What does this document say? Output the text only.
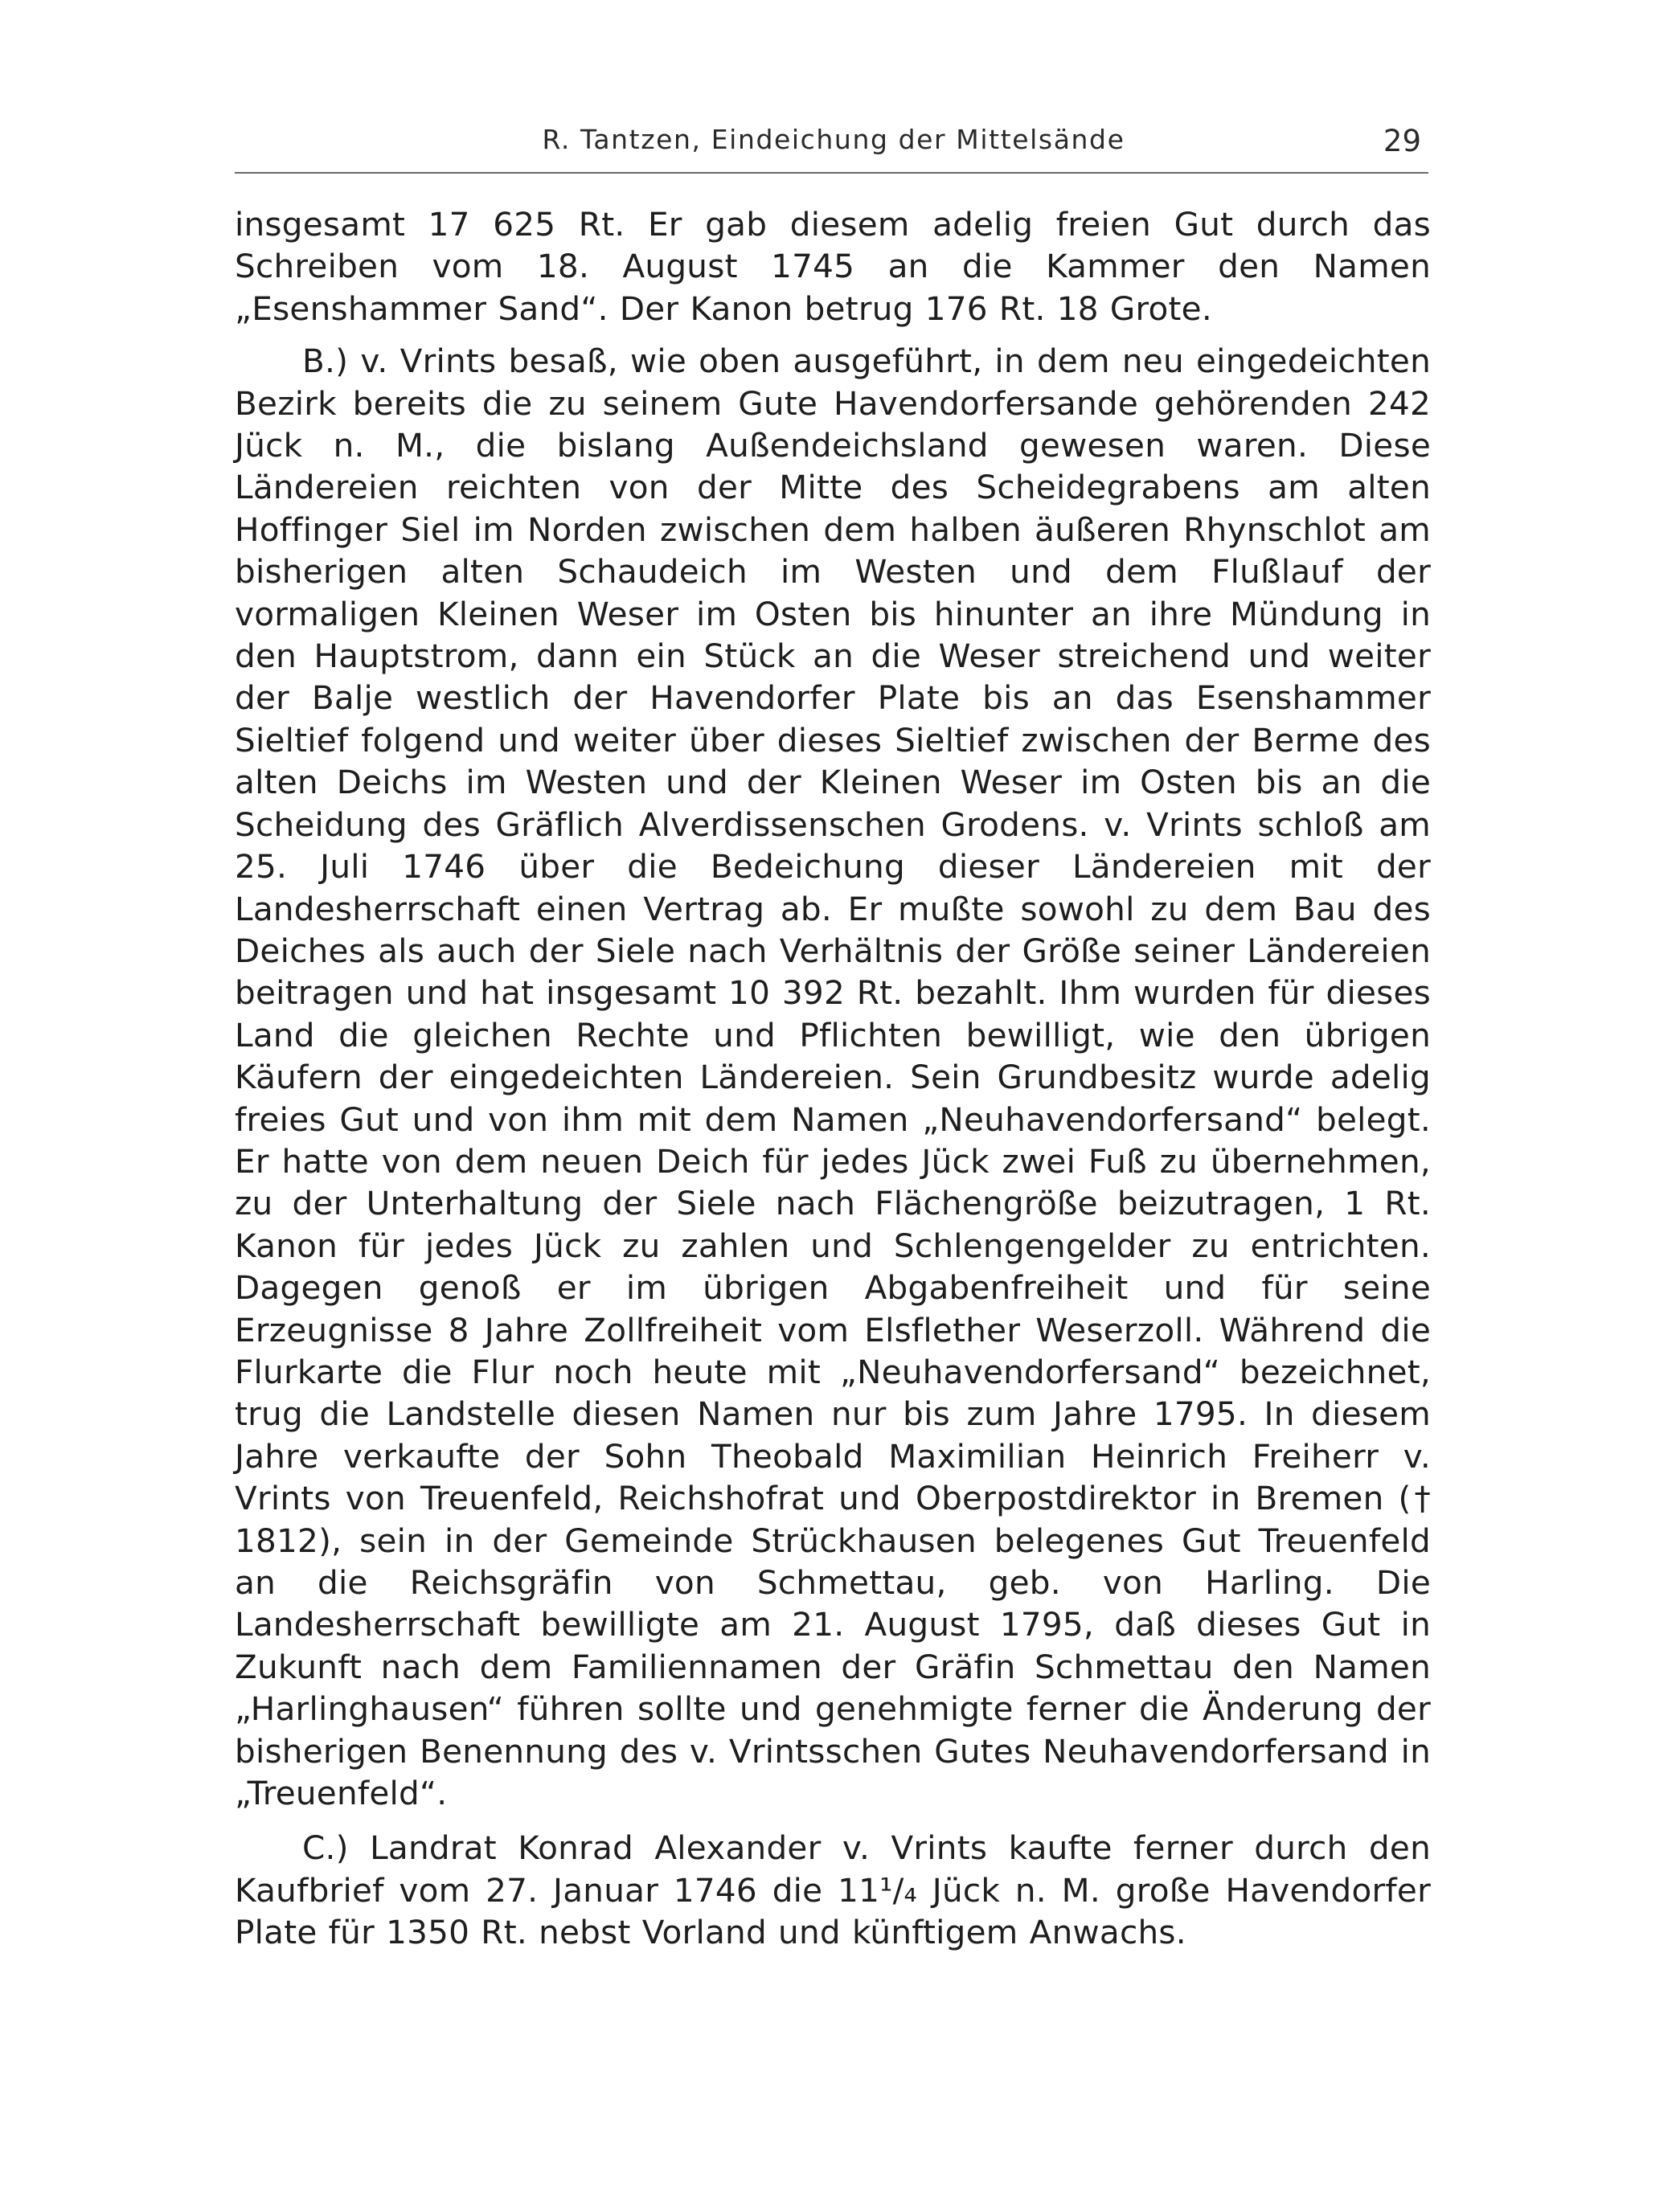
R. Tantzen, Eindeichung der Mittelsände	29

insgesamt 17 625 Rt. Er gab diesem adelig freien Gut durch das Schreiben vom 18. August 1745 an die Kammer den Namen „Esenshammer Sand“. Der Kanon betrug 176 Rt. 18 Grote.

B.) v. Vrints besaß, wie oben ausgeführt, in dem neu eingedeichten Bezirk bereits die zu seinem Gute Havendorfersande gehörenden 242 Jück n. M., die bislang Außendeichsland gewesen waren. Diese Ländereien reichten von der Mitte des Scheidegrabens am alten Hoffinger Siel im Norden zwischen dem halben äußeren Rhynschlot am bisherigen alten Schaudeich im Westen und dem Flußlauf der vormaligen Kleinen Weser im Osten bis hinunter an ihre Mündung in den Hauptstrom, dann ein Stück an die Weser streichend und weiter der Balje westlich der Havendorfer Plate bis an das Esenshammer Sieltief folgend und weiter über dieses Sieltief zwischen der Berme des alten Deichs im Westen und der Kleinen Weser im Osten bis an die Scheidung des Gräflich Alverdissenschen Grodens. v. Vrints schloß am 25. Juli 1746 über die Bedeichung dieser Ländereien mit der Landesherrschaft einen Vertrag ab. Er mußte sowohl zu dem Bau des Deiches als auch der Siele nach Verhältnis der Größe seiner Ländereien beitragen und hat insgesamt 10 392 Rt. bezahlt. Ihm wurden für dieses Land die gleichen Rechte und Pflichten bewilligt, wie den übrigen Käufern der eingedeichten Ländereien. Sein Grundbesitz wurde adelig freies Gut und von ihm mit dem Namen „Neuhavendorfersand“ belegt. Er hatte von dem neuen Deich für jedes Jück zwei Fuß zu übernehmen, zu der Unterhaltung der Siele nach Flächengröße beizutragen, 1 Rt. Kanon für jedes Jück zu zahlen und Schlengengelder zu entrichten. Dagegen genoß er im übrigen Abgabenfreiheit und für seine Erzeugnisse 8 Jahre Zollfreiheit vom Elsflether Weserzoll. Während die Flurkarte die Flur noch heute mit „Neuhavendorfersand“ bezeichnet, trug die Landstelle diesen Namen nur bis zum Jahre 1795. In diesem Jahre verkaufte der Sohn Theobald Maximilian Heinrich Freiherr v. Vrints von Treuenfeld, Reichshofrat und Oberpostdirektor in Bremen († 1812), sein in der Gemeinde Strückhausen belegenes Gut Treuenfeld an die Reichsgräfin von Schmettau, geb. von Harling. Die Landesherrschaft bewilligte am 21. August 1795, daß dieses Gut in Zukunft nach dem Familiennamen der Gräfin Schmettau den Namen „Harlinghausen“ führen sollte und genehmigte ferner die Änderung der bisherigen Benennung des v. Vrintsschen Gutes Neuhavendorfersand in „Treuenfeld“.

C.) Landrat Konrad Alexander v. Vrints kaufte ferner durch den Kaufbrief vom 27. Januar 1746 die 11¹/₄ Jück n. M. große Havendorfer Plate für 1350 Rt. nebst Vorland und künftigem Anwachs.
